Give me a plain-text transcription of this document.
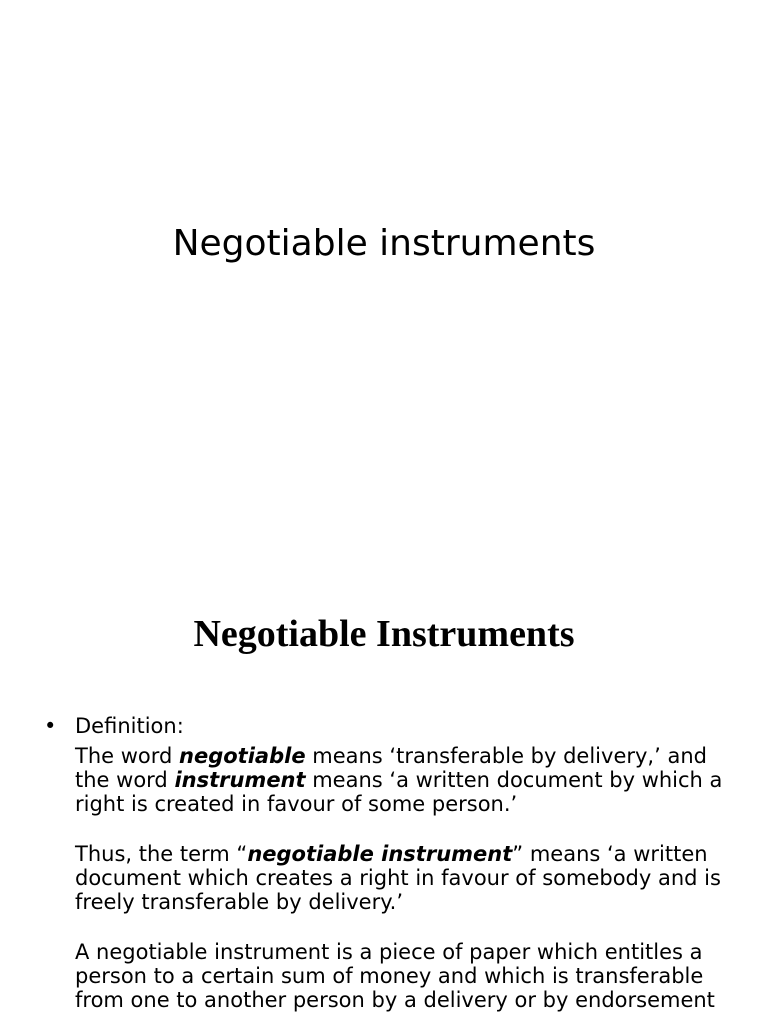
Negotiable instruments
Negotiable Instruments
• Definition:

The word negotiable means ‘transferable by delivery,’ and the word instrument means ‘a written document by which a right is created in favour of some person.’

Thus, the term “negotiable instrument” means ‘a written document which creates a right in favour of somebody and is freely transferable by delivery.’

A negotiable instrument is a piece of paper which entitles a person to a certain sum of money and which is transferable from one to another person by a delivery or by endorsement
